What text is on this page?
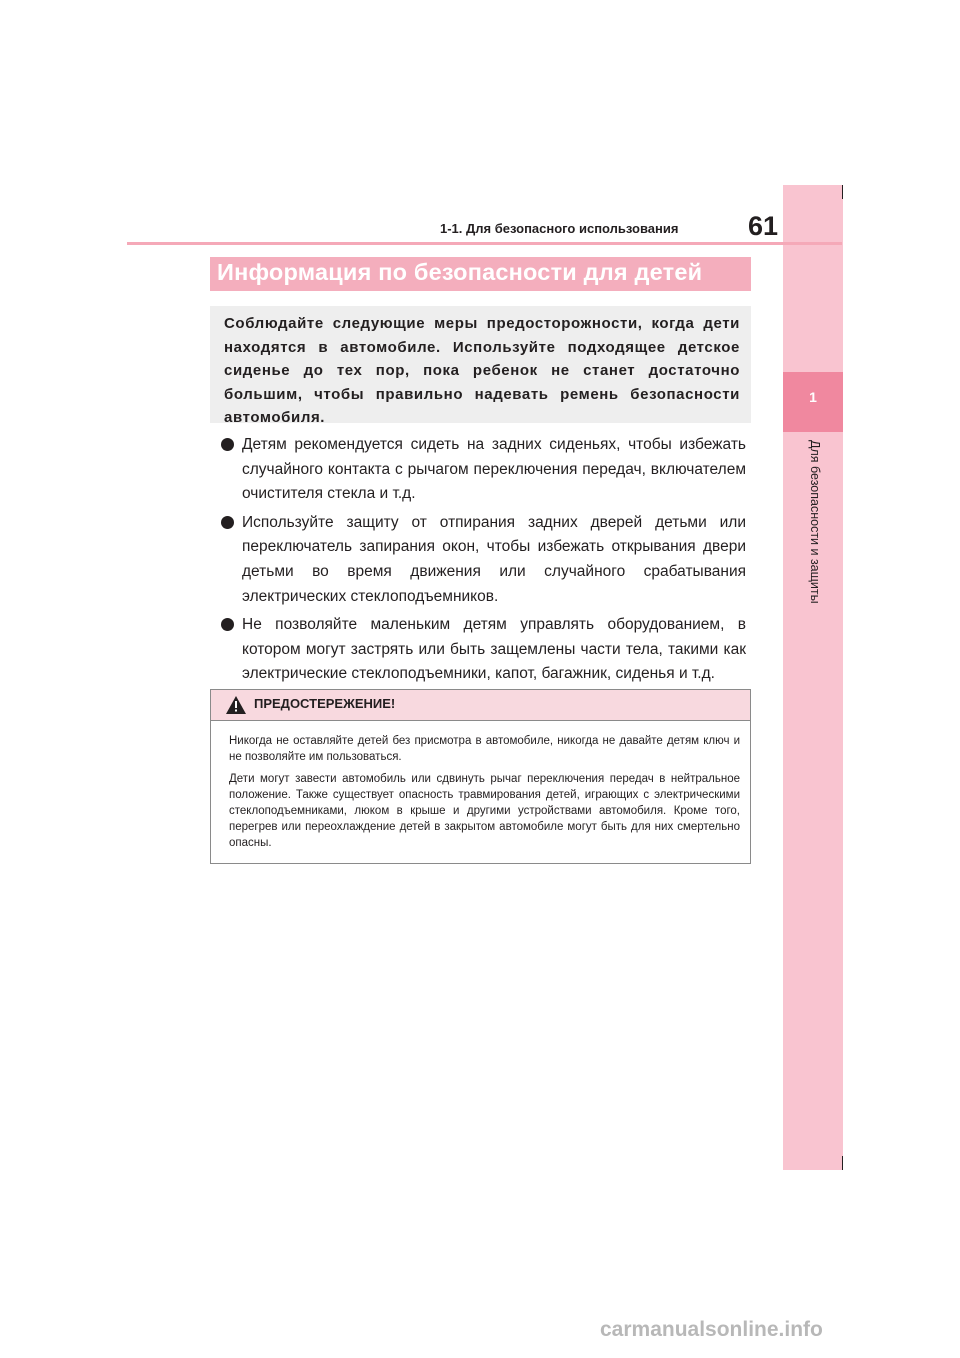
1
Для безопасности и защиты
1-1. Для безопасного использования	61
Информация по безопасности для детей
Соблюдайте следующие меры предосторожности, когда дети находятся в автомобиле. Используйте подходящее детское сиденье до тех пор, пока ребенок не станет достаточно большим, чтобы правильно надевать ремень безопасности автомобиля.
Детям рекомендуется сидеть на задних сиденьях, чтобы избежать случайного контакта с рычагом переключения передач, включателем очистителя стекла и т.д.
Используйте защиту от отпирания задних дверей детьми или переключатель запирания окон, чтобы избежать открывания двери детьми во время движения или случайного срабатывания электрических стеклоподъемников.
Не позволяйте маленьким детям управлять оборудованием, в котором могут застрять или быть защемлены части тела, такими как электрические стеклоподъемники, капот, багажник, сиденья и т.д.
ПРЕДОСТЕРЕЖЕНИЕ!

Никогда не оставляйте детей без присмотра в автомобиле, никогда не давайте детям ключ и не позволяйте им пользоваться.

Дети могут завести автомобиль или сдвинуть рычаг переключения передач в нейтральное положение. Также существует опасность травмирования детей, играющих с электрическими стеклоподъемниками, люком в крыше и другими устройствами автомобиля. Кроме того, перегрев или переохлаждение детей в закрытом автомобиле могут быть для них смертельно опасны.

carmanualsonline.info
